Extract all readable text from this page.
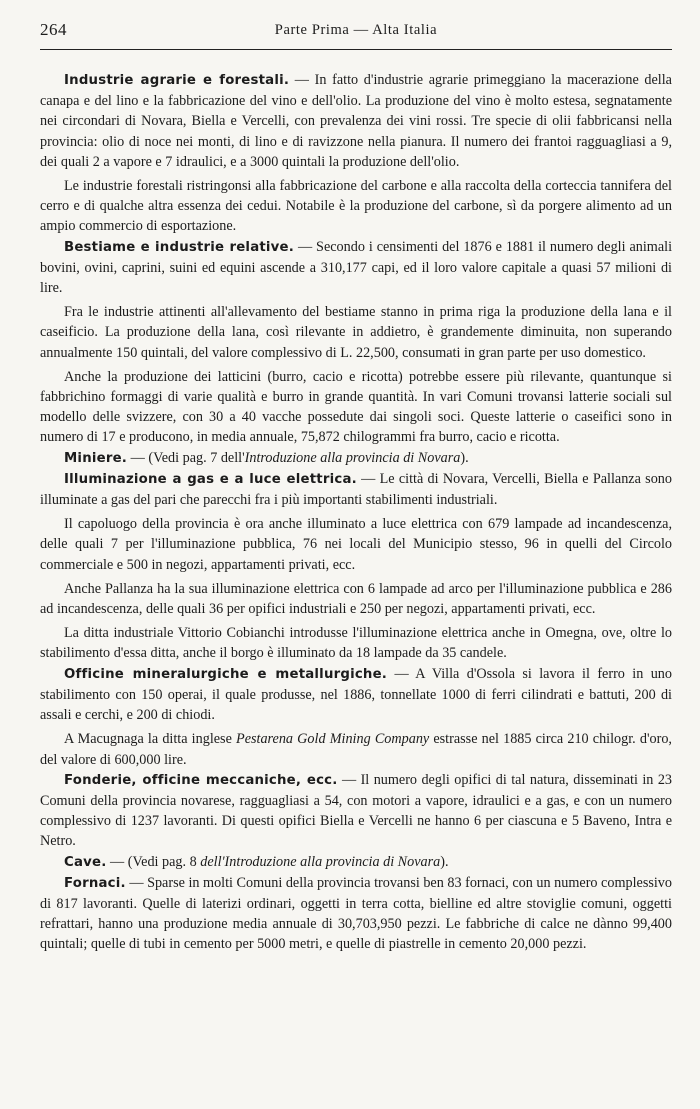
264	Parte Prima — Alta Italia

Industrie agrarie e forestali. — In fatto d'industrie agrarie primeggiano la macerazione della canapa e del lino e la fabbricazione del vino e dell'olio. La produzione del vino è molto estesa, segnatamente nei circondari di Novara, Biella e Vercelli, con prevalenza dei vini rossi. Tre specie di olii fabbricansi nella provincia: olio di noce nei monti, di lino e di ravizzone nella pianura. Il numero dei frantoi ragguagliasi a 9, dei quali 2 a vapore e 7 idraulici, e a 3000 quintali la produzione dell'olio.

Le industrie forestali ristringonsi alla fabbricazione del carbone e alla raccolta della corteccia tannifera del cerro e di qualche altra essenza dei cedui. Notabile è la produzione del carbone, sì da porgere alimento ad un ampio commercio di esportazione.

Bestiame e industrie relative. — Secondo i censimenti del 1876 e 1881 il numero degli animali bovini, ovini, caprini, suini ed equini ascende a 310,177 capi, ed il loro valore capitale a quasi 57 milioni di lire.

Fra le industrie attinenti all'allevamento del bestiame stanno in prima riga la produzione della lana e il caseificio. La produzione della lana, così rilevante in addietro, è grandemente diminuita, non superando annualmente 150 quintali, del valore complessivo di L. 22,500, consumati in gran parte per uso domestico.

Anche la produzione dei latticini (burro, cacio e ricotta) potrebbe essere più rilevante, quantunque si fabbrichino formaggi di varie qualità e burro in grande quantità. In vari Comuni trovansi latterie sociali sul modello delle svizzere, con 30 a 40 vacche possedute dai singoli soci. Queste latterie o caseifici sono in numero di 17 e producono, in media annuale, 75,872 chilogrammi fra burro, cacio e ricotta.

Miniere. — (Vedi pag. 7 dell'Introduzione alla provincia di Novara).

Illuminazione a gas e a luce elettrica. — Le città di Novara, Vercelli, Biella e Pallanza sono illuminate a gas del pari che parecchi fra i più importanti stabilimenti industriali.

Il capoluogo della provincia è ora anche illuminato a luce elettrica con 679 lampade ad incandescenza, delle quali 7 per l'illuminazione pubblica, 76 nei locali del Municipio stesso, 96 in quelli del Circolo commerciale e 500 in negozi, appartamenti privati, ecc.

Anche Pallanza ha la sua illuminazione elettrica con 6 lampade ad arco per l'illuminazione pubblica e 286 ad incandescenza, delle quali 36 per opifici industriali e 250 per negozi, appartamenti privati, ecc.

La ditta industriale Vittorio Cobianchi introdusse l'illuminazione elettrica anche in Omegna, ove, oltre lo stabilimento d'essa ditta, anche il borgo è illuminato da 18 lampade da 35 candele.

Officine mineralurgiche e metallurgiche. — A Villa d'Ossola si lavora il ferro in uno stabilimento con 150 operai, il quale produsse, nel 1886, tonnellate 1000 di ferri cilindrati e battuti, 200 di assali e cerchi, e 200 di chiodi.

A Macugnaga la ditta inglese Pestarena Gold Mining Company estrasse nel 1885 circa 210 chilogr. d'oro, del valore di 600,000 lire.

Fonderie, officine meccaniche, ecc. — Il numero degli opifici di tal natura, disseminati in 23 Comuni della provincia novarese, ragguagliasi a 54, con motori a vapore, idraulici e a gas, e con un numero complessivo di 1237 lavoranti. Di questi opifici Biella e Vercelli ne hanno 6 per ciascuna e 5 Baveno, Intra e Netro.

Cave. — (Vedi pag. 8 dell'Introduzione alla provincia di Novara).

Fornaci. — Sparse in molti Comuni della provincia trovansi ben 83 fornaci, con un numero complessivo di 817 lavoranti. Quelle di laterizi ordinari, oggetti in terra cotta, bielline ed altre stoviglie comuni, oggetti refrattari, hanno una produzione media annuale di 30,703,950 pezzi. Le fabbriche di calce ne dànno 99,400 quintali; quelle di tubi in cemento per 5000 metri, e quelle di piastrelle in cemento 20,000 pezzi.
